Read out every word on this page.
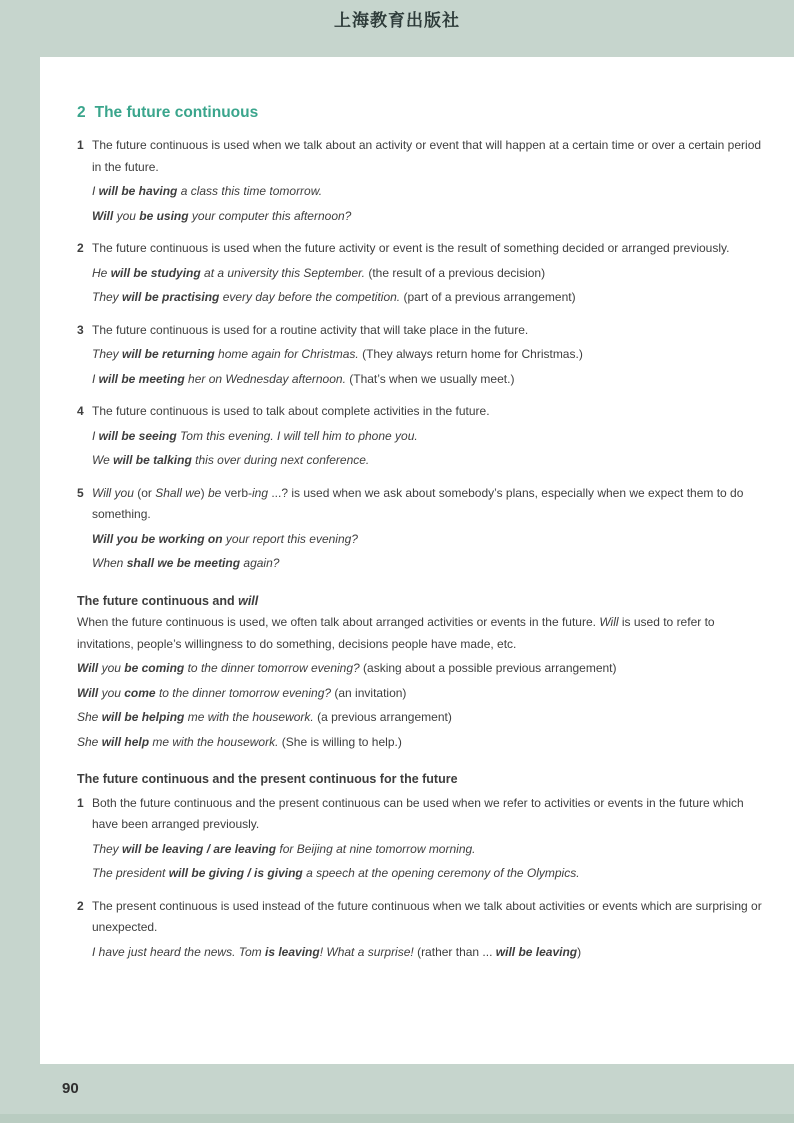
上海教育出版社
2 The future continuous
1 The future continuous is used when we talk about an activity or event that will happen at a certain time or over a certain period in the future.

I will be having a class this time tomorrow.

Will you be using your computer this afternoon?

2 The future continuous is used when the future activity or event is the result of something decided or arranged previously.

He will be studying at a university this September. (the result of a previous decision)

They will be practising every day before the competition. (part of a previous arrangement)

3 The future continuous is used for a routine activity that will take place in the future.

They will be returning home again for Christmas. (They always return home for Christmas.)

I will be meeting her on Wednesday afternoon. (That’s when we usually meet.)

4 The future continuous is used to talk about complete activities in the future.

I will be seeing Tom this evening. I will tell him to phone you.

We will be talking this over during next conference.

5 Will you (or Shall we) be verb-ing ...? is used when we ask about somebody’s plans, especially when we expect them to do something.

Will you be working on your report this evening?

When shall we be meeting again?

The future continuous and will

When the future continuous is used, we often talk about arranged activities or events in the future. Will is used to refer to invitations, people’s willingness to do something, decisions people have made, etc.

Will you be coming to the dinner tomorrow evening? (asking about a possible previous arrangement)

Will you come to the dinner tomorrow evening? (an invitation)

She will be helping me with the housework. (a previous arrangement)

She will help me with the housework. (She is willing to help.)

The future continuous and the present continuous for the future

1 Both the future continuous and the present continuous can be used when we refer to activities or events in the future which have been arranged previously.

They will be leaving / are leaving for Beijing at nine tomorrow morning.

The president will be giving / is giving a speech at the opening ceremony of the Olympics.

2 The present continuous is used instead of the future continuous when we talk about activities or events which are surprising or unexpected.

I have just heard the news. Tom is leaving! What a surprise! (rather than ... will be leaving)

90
